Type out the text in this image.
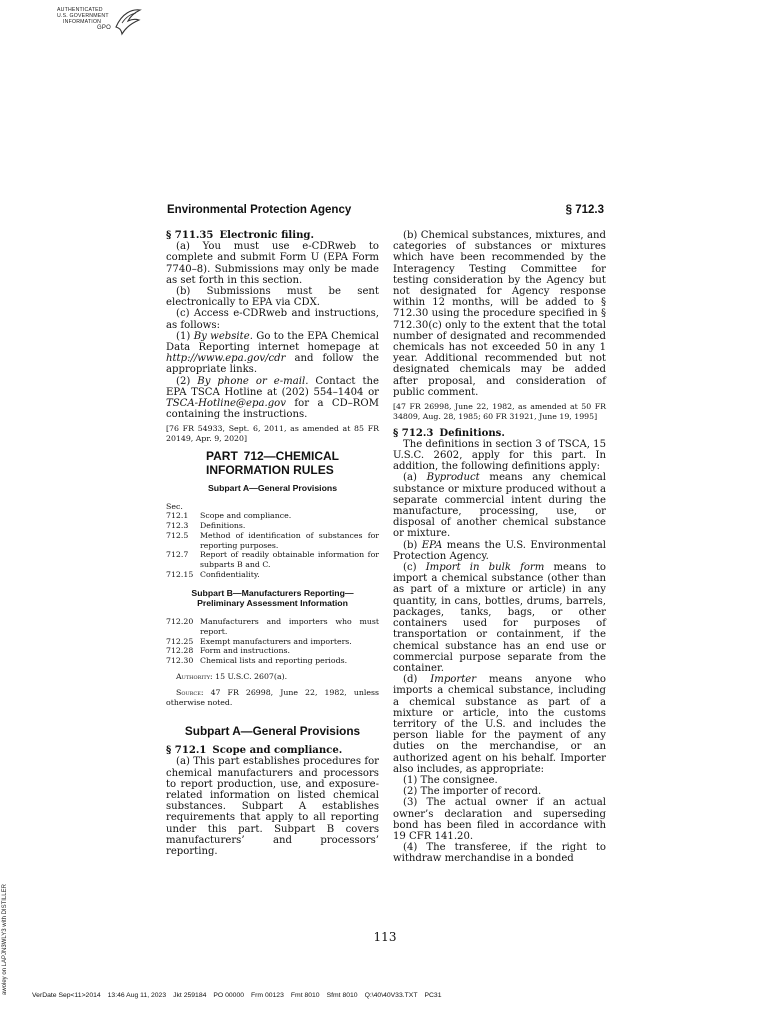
AUTHENTICATED
U.S. GOVERNMENT
INFORMATION
GPO
Environmental Protection Agency	§ 712.3

§ 711.35 Electronic filing.

(a) You must use e-CDRweb to complete and submit Form U (EPA Form 7740–8). Submissions may only be made as set forth in this section.

(b) Submissions must be sent electronically to EPA via CDX.

(c) Access e-CDRweb and instructions, as follows:

(1) By website. Go to the EPA Chemical Data Reporting internet homepage at http://www.epa.gov/cdr and follow the appropriate links.

(2) By phone or e-mail. Contact the EPA TSCA Hotline at (202) 554–1404 or TSCA-Hotline@epa.gov for a CD–ROM containing the instructions.

[76 FR 54933, Sept. 6, 2011, as amended at 85 FR 20149, Apr. 9, 2020]

PART 712—CHEMICAL INFORMATION RULES

Subpart A—General Provisions
Sec.
712.1	Scope and compliance.
712.3	Definitions.
712.5	Method of identification of substances for reporting purposes.
712.7	Report of readily obtainable information for subparts B and C.
712.15 Confidentiality.
Subpart B—Manufacturers Reporting—Preliminary Assessment Information
712.20 Manufacturers and importers who must report.
712.25 Exempt manufacturers and importers.
712.28 Form and instructions.
712.30 Chemical lists and reporting periods.

Authority: 15 U.S.C. 2607(a).

Source: 47 FR 26998, June 22, 1982, unless otherwise noted.

Subpart A—General Provisions

§ 712.1 Scope and compliance.

(a) This part establishes procedures for chemical manufacturers and processors to report production, use, and exposure-related information on listed chemical substances. Subpart A establishes requirements that apply to all reporting under this part. Subpart B covers manufacturers’ and processors’ reporting.

(b) Chemical substances, mixtures, and categories of substances or mixtures which have been recommended by the Interagency Testing Committee for testing consideration by the Agency but not designated for Agency response within 12 months, will be added to § 712.30 using the procedure specified in § 712.30(c) only to the extent that the total number of designated and recommended chemicals has not exceeded 50 in any 1 year. Additional recommended but not designated chemicals may be added after proposal, and consideration of public comment.

[47 FR 26998, June 22, 1982, as amended at 50 FR 34809, Aug. 28, 1985; 60 FR 31921, June 19, 1995]

§ 712.3 Definitions.

The definitions in section 3 of TSCA, 15 U.S.C. 2602, apply for this part. In addition, the following definitions apply:

(a) Byproduct means any chemical substance or mixture produced without a separate commercial intent during the manufacture, processing, use, or disposal of another chemical substance or mixture.

(b) EPA means the U.S. Environmental Protection Agency.

(c) Import in bulk form means to import a chemical substance (other than as part of a mixture or article) in any quantity, in cans, bottles, drums, barrels, packages, tanks, bags, or other containers used for purposes of transportation or containment, if the chemical substance has an end use or commercial purpose separate from the container.

(d) Importer means anyone who imports a chemical substance, including a chemical substance as part of a mixture or article, into the customs territory of the U.S. and includes the person liable for the payment of any duties on the merchandise, or an authorized agent on his behalf. Importer also includes, as appropriate:

(1) The consignee.

(2) The importer of record.

(3) The actual owner if an actual owner’s declaration and superseding bond has been filed in accordance with 19 CFR 141.20.

(4) The transferee, if the right to withdraw merchandise in a bonded

113
awoley on LAPJN3WLY3 with DISTILLER
VerDate Sep<11>2014 13:46 Aug 11, 2023 Jkt 259184 PO 00000 Frm 00123 Fmt 8010 Sfmt 8010 Q:\40\40V33.TXT PC31
